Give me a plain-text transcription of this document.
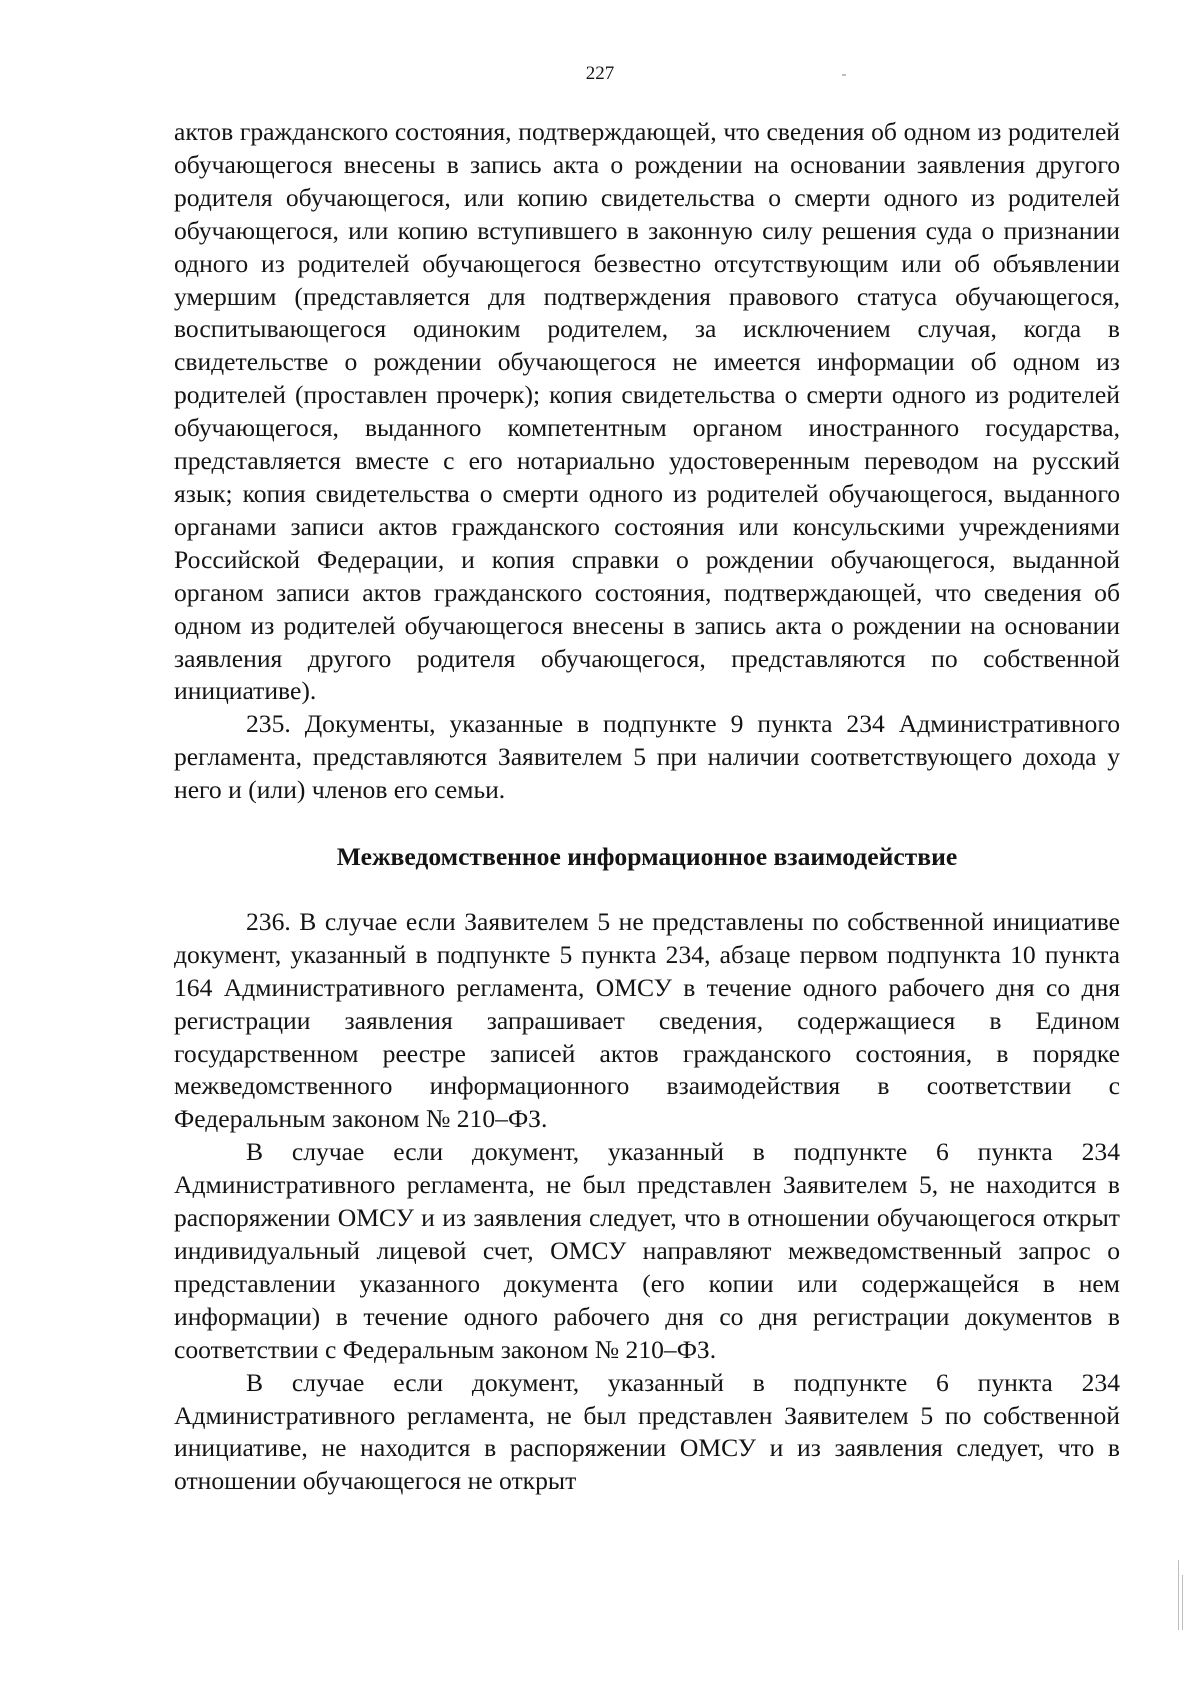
227

актов гражданского состояния, подтверждающей, что сведения об одном из родителей обучающегося внесены в запись акта о рождении на основании заявления другого родителя обучающегося, или копию свидетельства о смерти одного из родителей обучающегося, или копию вступившего в законную силу решения суда о признании одного из родителей обучающегося безвестно отсутствующим или об объявлении умершим (представляется для подтверждения правового статуса обучающегося, воспитывающегося одиноким родителем, за исключением случая, когда в свидетельстве о рождении обучающегося не имеется информации об одном из родителей (проставлен прочерк); копия свидетельства о смерти одного из родителей обучающегося, выданного компетентным органом иностранного государства, представляется вместе с его нотариально удостоверенным переводом на русский язык; копия свидетельства о смерти одного из родителей обучающегося, выданного органами записи актов гражданского состояния или консульскими учреждениями Российской Федерации, и копия справки о рождении обучающегося, выданной органом записи актов гражданского состояния, подтверждающей, что сведения об одном из родителей обучающегося внесены в запись акта о рождении на основании заявления другого родителя обучающегося, представляются по собственной инициативе).

235. Документы, указанные в подпункте 9 пункта 234 Административного регламента, представляются Заявителем 5 при наличии соответствующего дохода у него и (или) членов его семьи.

Межведомственное информационное взаимодействие

236. В случае если Заявителем 5 не представлены по собственной инициативе документ, указанный в подпункте 5 пункта 234, абзаце первом подпункта 10 пункта 164 Административного регламента, ОМСУ в течение одного рабочего дня со дня регистрации заявления запрашивает сведения, содержащиеся в Едином государственном реестре записей актов гражданского состояния, в порядке межведомственного информационного взаимодействия в соответствии с Федеральным законом № 210–ФЗ.

В случае если документ, указанный в подпункте 6 пункта 234 Административного регламента, не был представлен Заявителем 5, не находится в распоряжении ОМСУ и из заявления следует, что в отношении обучающегося открыт индивидуальный лицевой счет, ОМСУ направляют межведомственный запрос о представлении указанного документа (его копии или содержащейся в нем информации) в течение одного рабочего дня со дня регистрации документов в соответствии с Федеральным законом № 210–ФЗ.

В случае если документ, указанный в подпункте 6 пункта 234 Административного регламента, не был представлен Заявителем 5 по собственной инициативе, не находится в распоряжении ОМСУ и из заявления следует, что в отношении обучающегося не открыт
